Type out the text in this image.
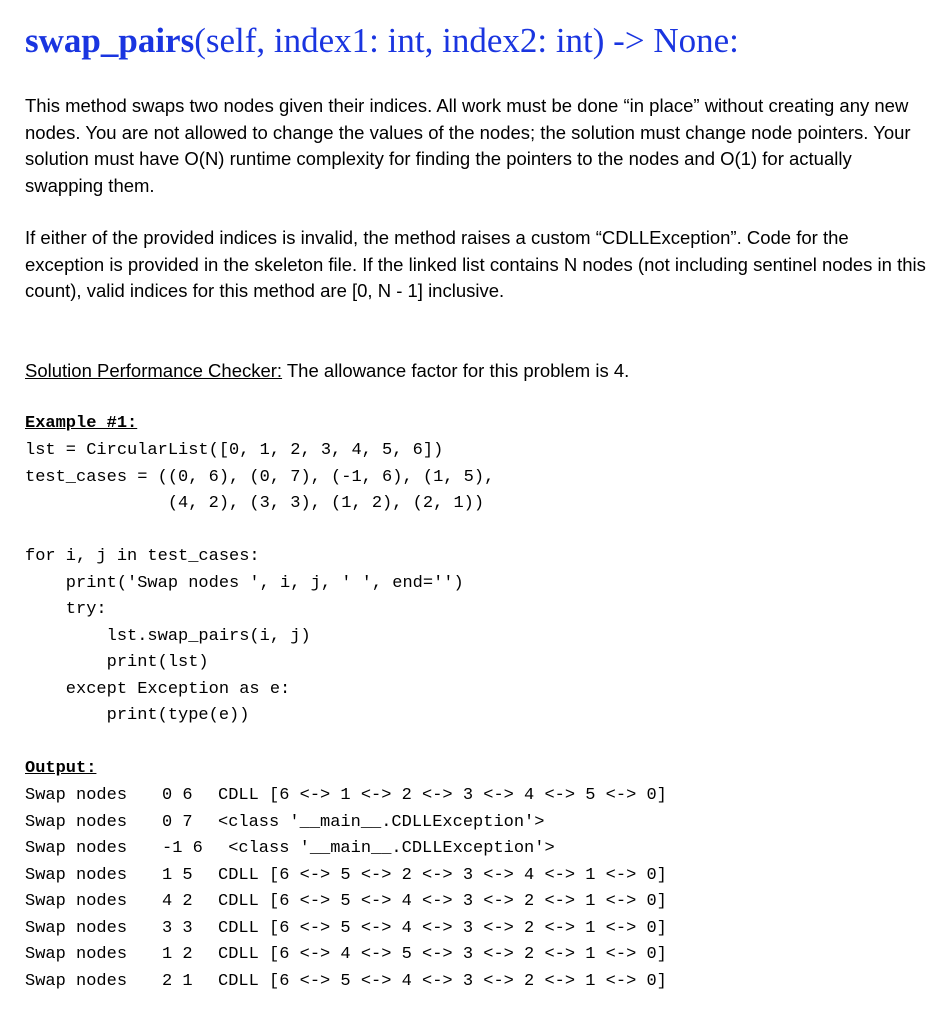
swap_pairs(self, index1: int, index2: int) -> None:

This method swaps two nodes given their indices. All work must be done “in place” without creating any new nodes. You are not allowed to change the values of the nodes; the solution must change node pointers. Your solution must have O(N) runtime complexity for finding the pointers to the nodes and O(1) for actually swapping them.

If either of the provided indices is invalid, the method raises a custom “CDLLException”. Code for the exception is provided in the skeleton file. If the linked list contains N nodes (not including sentinel nodes in this count), valid indices for this method are [0, N - 1] inclusive.

Solution Performance Checker: The allowance factor for this problem is 4.

Example #1:
lst = CircularList([0, 1, 2, 3, 4, 5, 6])
test_cases = ((0, 6), (0, 7), (-1, 6), (1, 5),
(4, 2), (3, 3), (1, 2), (2, 1))
for i, j in test_cases:
print('Swap nodes ', i, j, ' ', end='')
try:
lst.swap_pairs(i, j)
print(lst)
except Exception as e:
print(type(e))
Output:
Swap nodes	0 6	CDLL [6 <-> 1 <-> 2 <-> 3 <-> 4 <-> 5 <-> 0]
Swap nodes	0 7	<class '__main__.CDLLException'>
Swap nodes	-1 6 <class '__main__.CDLLException'>
Swap nodes	1 5	CDLL [6 <-> 5 <-> 2 <-> 3 <-> 4 <-> 1 <-> 0]
Swap nodes	4 2	CDLL [6 <-> 5 <-> 4 <-> 3 <-> 2 <-> 1 <-> 0]
Swap nodes	3 3	CDLL [6 <-> 5 <-> 4 <-> 3 <-> 2 <-> 1 <-> 0]
Swap nodes	1 2	CDLL [6 <-> 4 <-> 5 <-> 3 <-> 2 <-> 1 <-> 0]
Swap nodes	2 1	CDLL [6 <-> 5 <-> 4 <-> 3 <-> 2 <-> 1 <-> 0]
